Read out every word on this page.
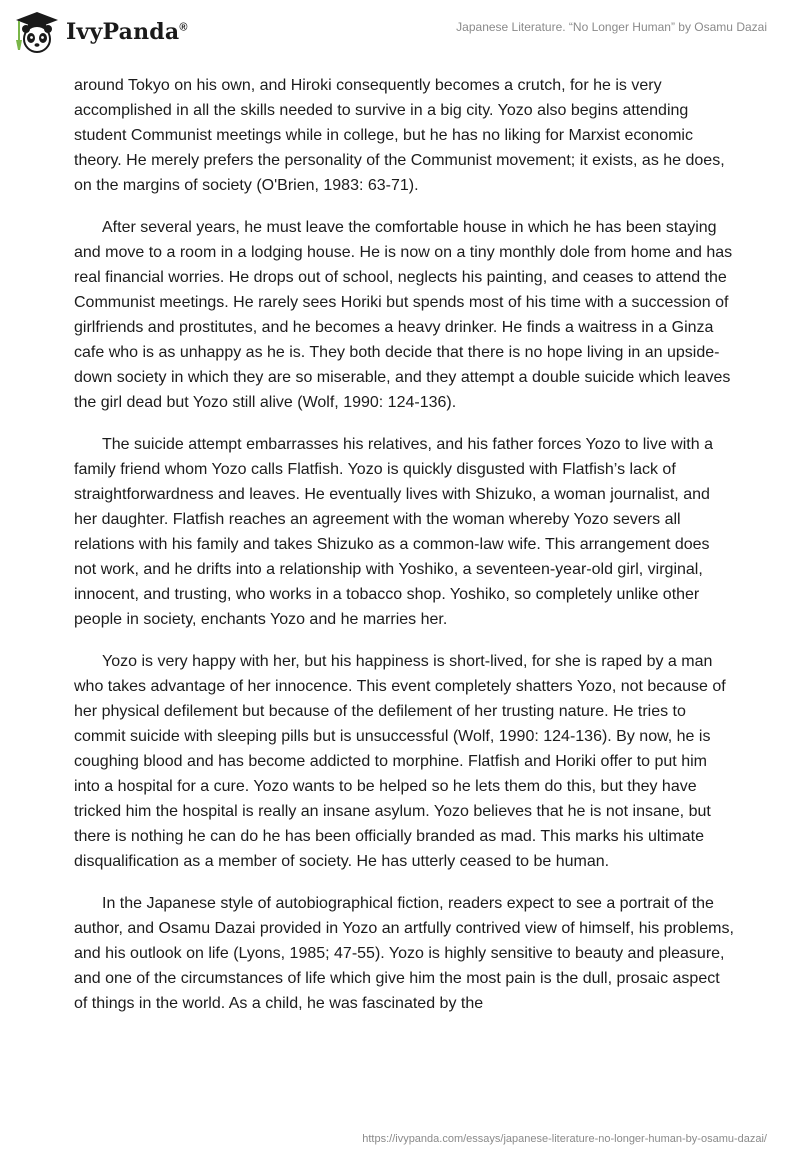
IvyPanda®	Japanese Literature. “No Longer Human” by Osamu Dazai

around Tokyo on his own, and Hiroki consequently becomes a crutch, for he is very accomplished in all the skills needed to survive in a big city. Yozo also begins attending student Communist meetings while in college, but he has no liking for Marxist economic theory. He merely prefers the personality of the Communist movement; it exists, as he does, on the margins of society (O'Brien, 1983: 63-71).

After several years, he must leave the comfortable house in which he has been staying and move to a room in a lodging house. He is now on a tiny monthly dole from home and has real financial worries. He drops out of school, neglects his painting, and ceases to attend the Communist meetings. He rarely sees Horiki but spends most of his time with a succession of girlfriends and prostitutes, and he becomes a heavy drinker. He finds a waitress in a Ginza cafe who is as unhappy as he is. They both decide that there is no hope living in an upside-down society in which they are so miserable, and they attempt a double suicide which leaves the girl dead but Yozo still alive (Wolf, 1990: 124-136).

The suicide attempt embarrasses his relatives, and his father forces Yozo to live with a family friend whom Yozo calls Flatfish. Yozo is quickly disgusted with Flatfish’s lack of straightforwardness and leaves. He eventually lives with Shizuko, a woman journalist, and her daughter. Flatfish reaches an agreement with the woman whereby Yozo severs all relations with his family and takes Shizuko as a common-law wife. This arrangement does not work, and he drifts into a relationship with Yoshiko, a seventeen-year-old girl, virginal, innocent, and trusting, who works in a tobacco shop. Yoshiko, so completely unlike other people in society, enchants Yozo and he marries her.

Yozo is very happy with her, but his happiness is short-lived, for she is raped by a man who takes advantage of her innocence. This event completely shatters Yozo, not because of her physical defilement but because of the defilement of her trusting nature. He tries to commit suicide with sleeping pills but is unsuccessful (Wolf, 1990: 124-136). By now, he is coughing blood and has become addicted to morphine. Flatfish and Horiki offer to put him into a hospital for a cure. Yozo wants to be helped so he lets them do this, but they have tricked him the hospital is really an insane asylum. Yozo believes that he is not insane, but there is nothing he can do he has been officially branded as mad. This marks his ultimate disqualification as a member of society. He has utterly ceased to be human.

In the Japanese style of autobiographical fiction, readers expect to see a portrait of the author, and Osamu Dazai provided in Yozo an artfully contrived view of himself, his problems, and his outlook on life (Lyons, 1985; 47-55). Yozo is highly sensitive to beauty and pleasure, and one of the circumstances of life which give him the most pain is the dull, prosaic aspect of things in the world. As a child, he was fascinated by the

https://ivypanda.com/essays/japanese-literature-no-longer-human-by-osamu-dazai/
